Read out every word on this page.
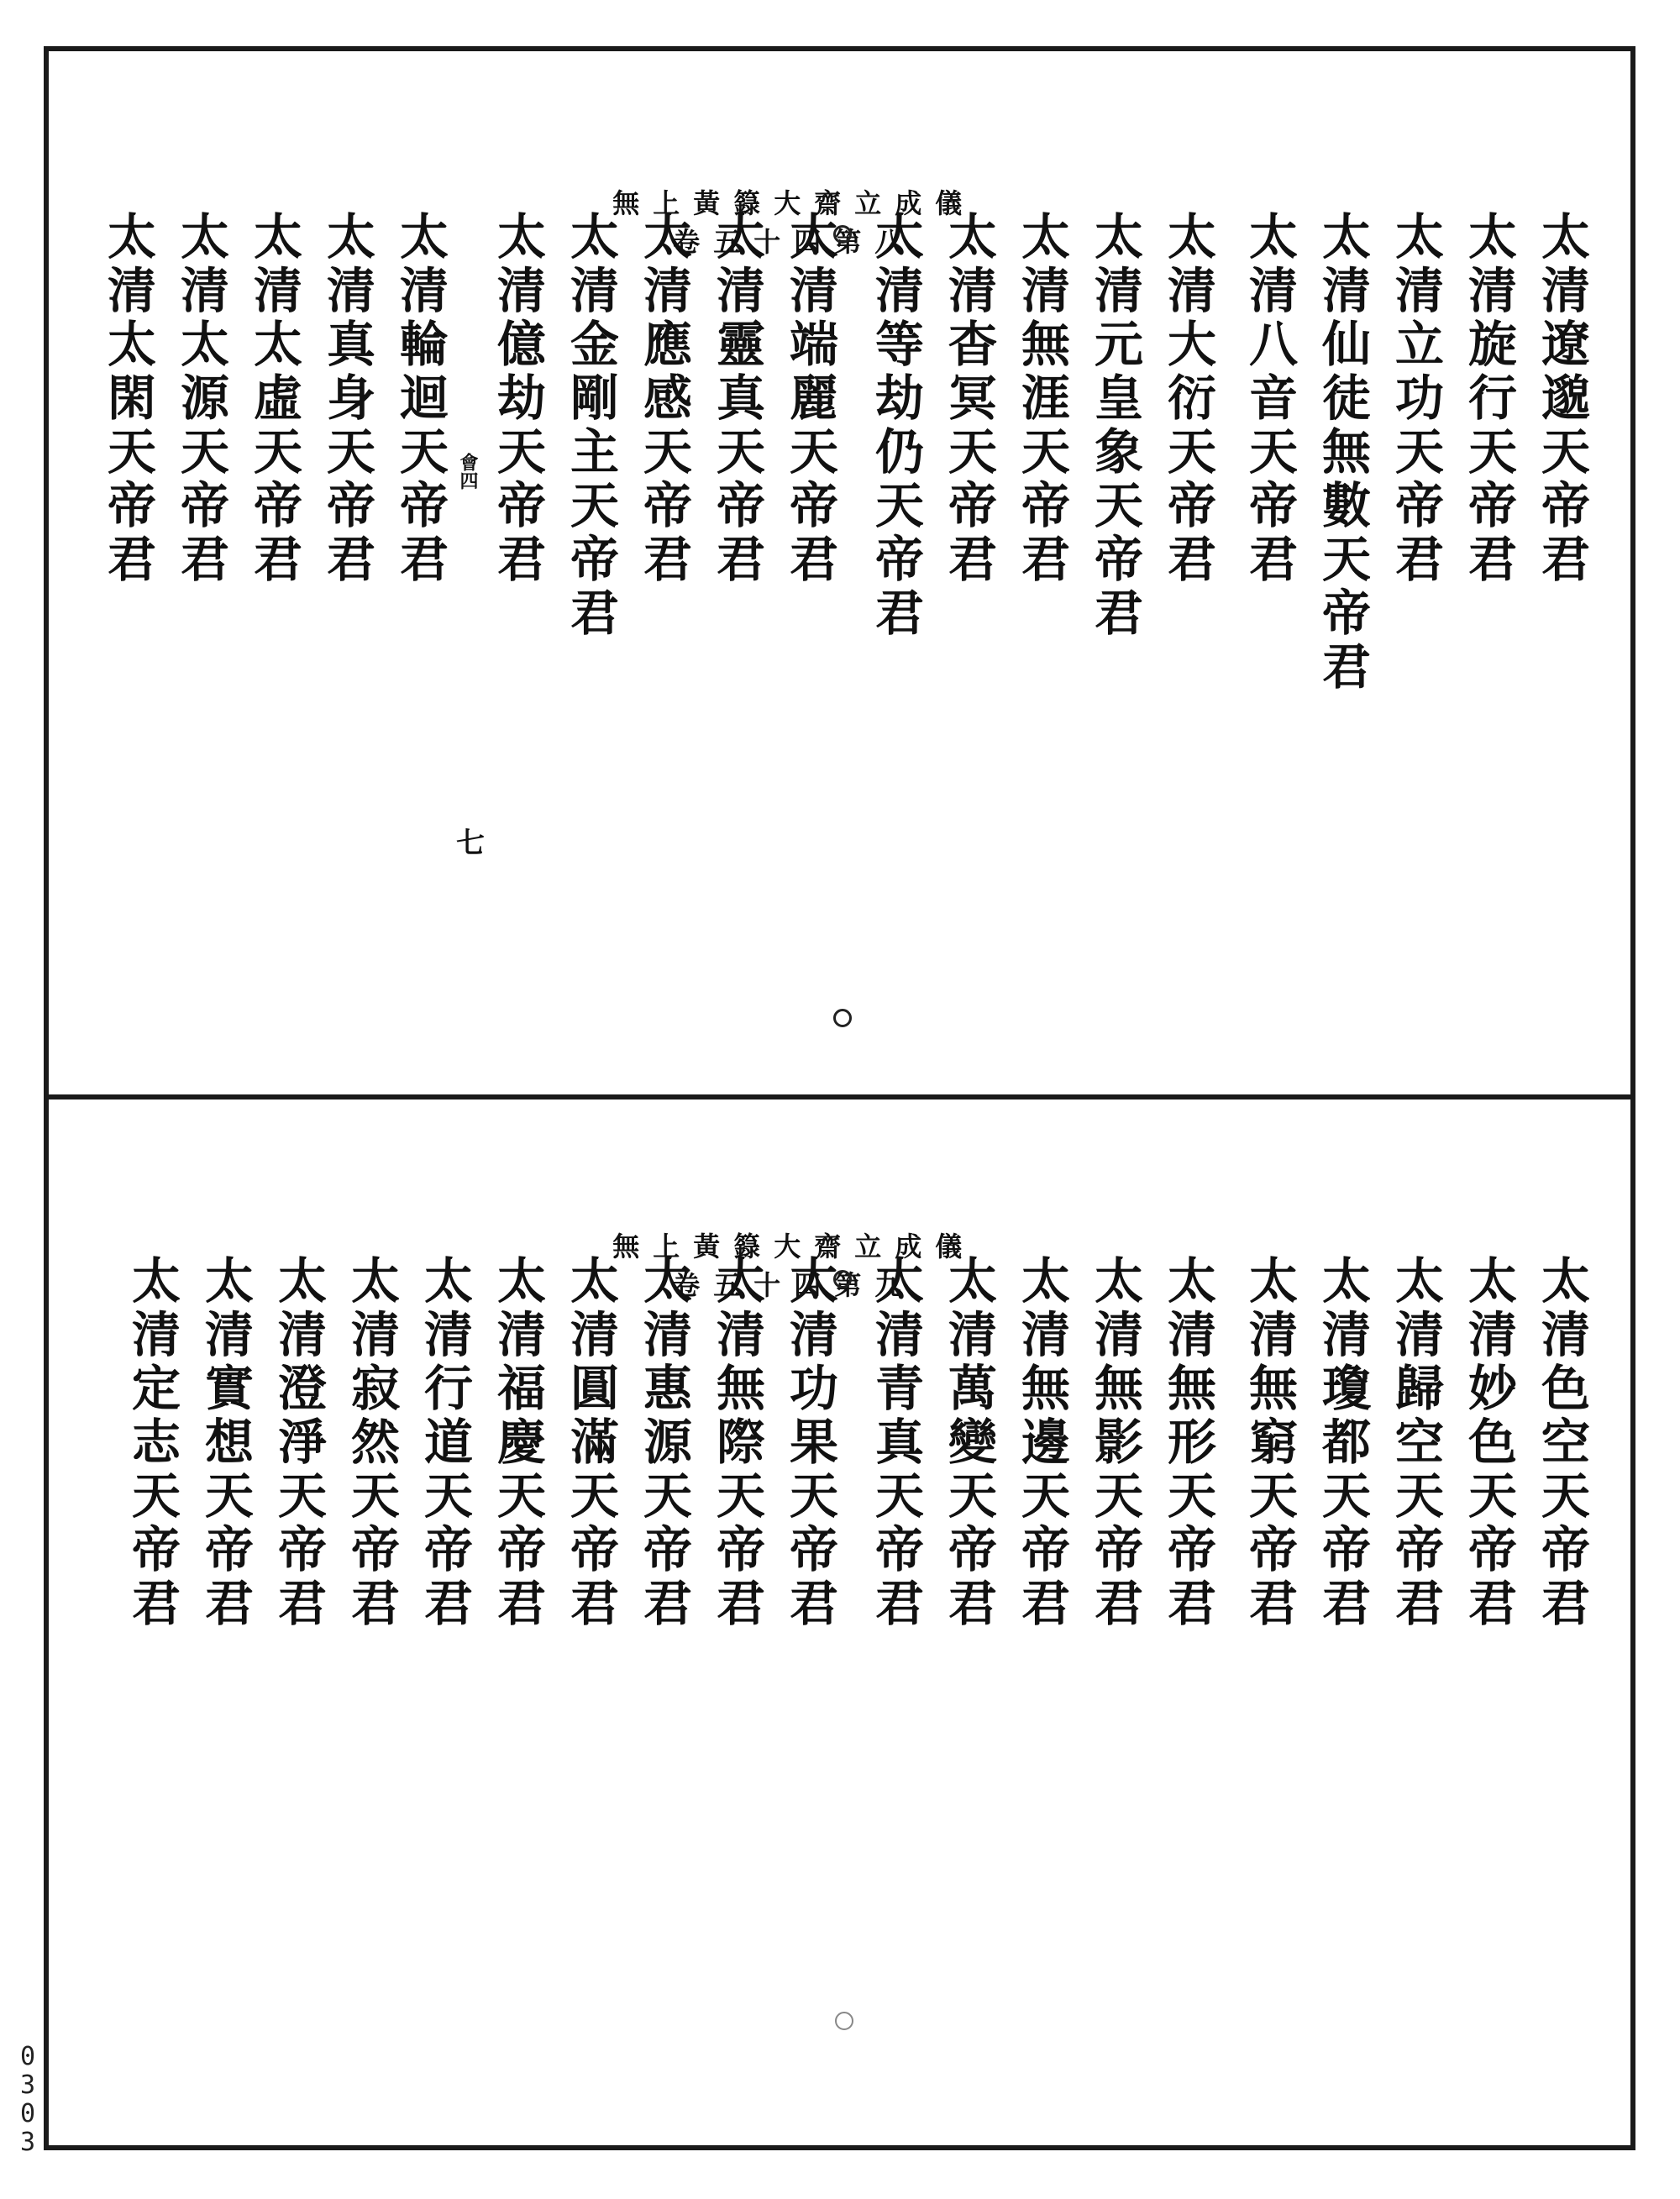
無上黃籙大齋立成儀
卷五十四第八
	太清遼邈天帝君
太清旋行天帝君
太清立功天帝君
太清仙徒無數天帝君
太清八音天帝君
太清大衍天帝君
太清元皇象天帝君
太清無涯天帝君
太清杳冥天帝君
太清等劫仍天帝君
太清端麗天帝君
太清靈真天帝君
太清應感天帝君
太清金剛主天帝君
太清億劫天帝君
太清輪迴天帝君
太清真身天帝君
太清太虛天帝君
太清太源天帝君
太清太閑天帝君	會四
七

無上黃籙大齋立成儀
卷五十四第九
	太清色空天帝君
太清妙色天帝君
太清歸空天帝君
太清瓊都天帝君
太清無窮天帝君
太清無形天帝君
太清無影天帝君
太清無邊天帝君
太清萬變天帝君
太清青真天帝君
太清功果天帝君
太清無際天帝君
太清惠源天帝君
太清圓滿天帝君
太清福慶天帝君
太清行道天帝君
太清寂然天帝君
太清澄淨天帝君
太清實想天帝君
太清定志天帝君
0
3
0
3
